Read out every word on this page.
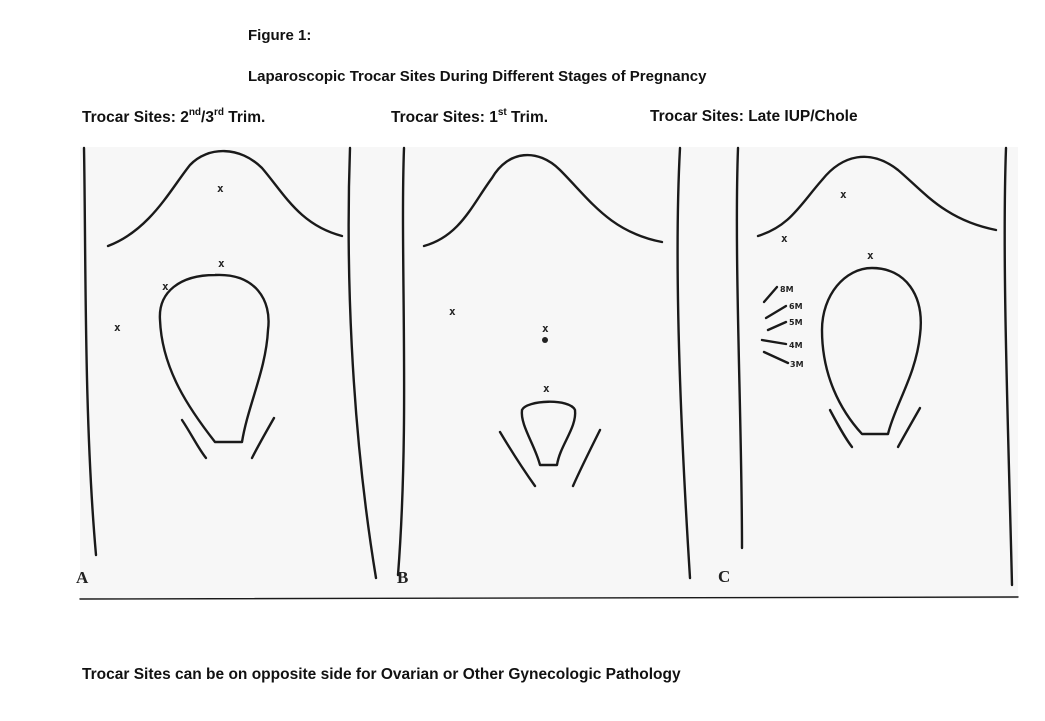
Figure 1:
Laparoscopic Trocar Sites During Different Stages of Pregnancy
Trocar Sites: 2nd/3rd Trim.	Trocar Sites: 1st Trim.	Trocar Sites: Late IUP/Chole
x
x
x
x
A
x
x
x
B
x
x
x
8M
6M
5M
4M
3M
C
Trocar Sites can be on opposite side for Ovarian or Other Gynecologic Pathology
